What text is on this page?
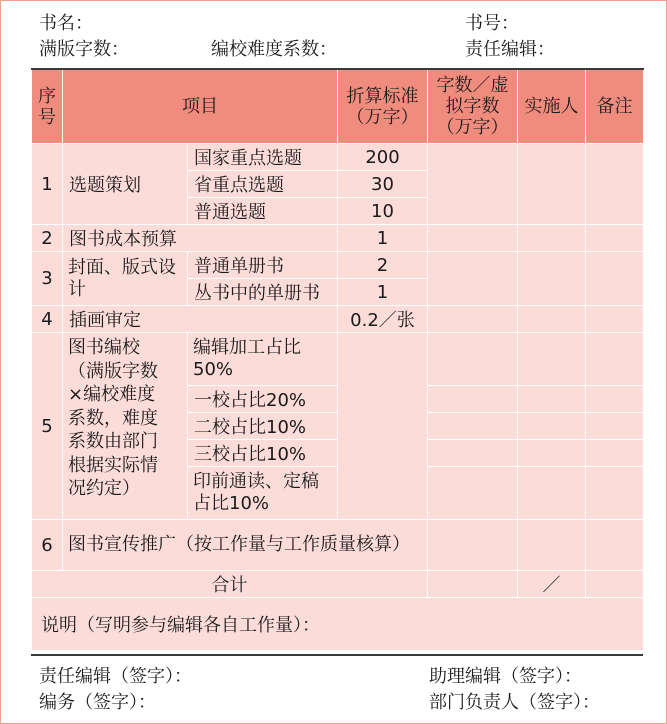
书名：	书号：
满版字数：	编校难度系数：	责任编辑：
序号	项目		折算标准（万字）	字数／虚拟字数（万字）	实施人	备注
1	选题策划	国家重点选题	200			
		省重点选题	30			
		普通选题	10			
2	图书成本预算		1			
3	封面、版式设计	普通单册书	2			
		丛书中的单册书	1			
4	插画审定		0.2／张			
5	图书编校（满版字数×编校难度系数，难度系数由部门根据实际情况约定）	编辑加工占比50%				
		一校占比20%				
		二校占比10%				
		三校占比10%				
		印前通读、定稿占比10%				
6	图书宣传推广（按工作量与工作质量核算）					
合计					／	
说明（写明参与编辑各自工作量）：						
责任编辑（签字）：	助理编辑（签字）：
编务（签字）：	部门负责人（签字）：
